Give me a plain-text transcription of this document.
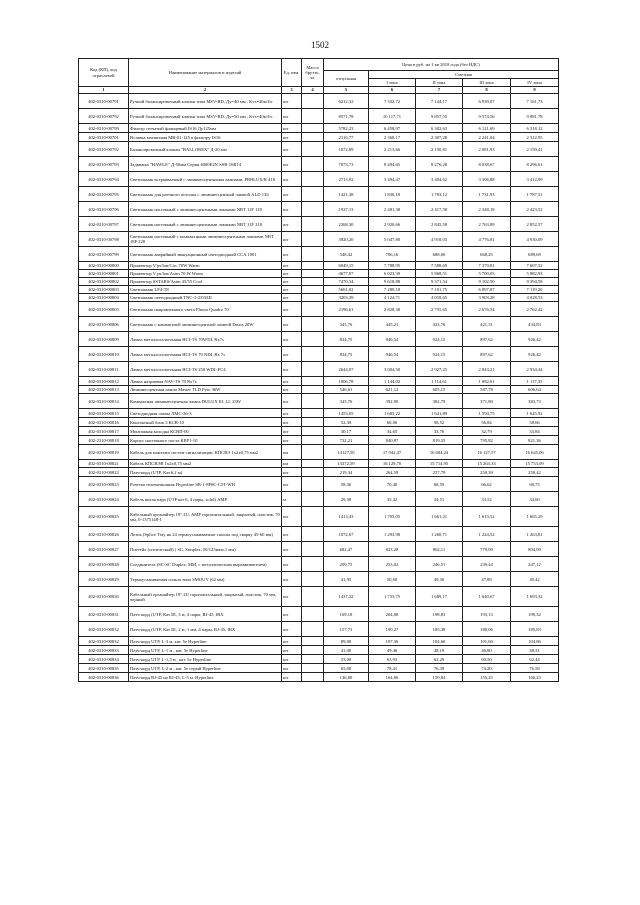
1502
Код (КП), код отраслевой	Наименование материалов и изделий	Ед. изм.	Масса брутто, кг	Цена в руб. на 1 кв 2018 года (без НДС)				
				отпускная	Сметная			
					I зона	II зона	III зона	IV зона
1	2	3	4	5	6	7	8	9
402-0310-00791	Ручной балансировочный клапан типа MSV-BD, Ду=40 мм , Kvs=26м3/ч	шт		6212,32	7 332,72	7 144,17	6 939,07	7 161,73
402-0310-00792	Ручной балансировочный клапан типа MSV-BD, Ду=50 мм , Kvs=40м3/ч	шт		8571,78	10 117,71	9 857,55	9 574,56	9 881,78
402-0310-00799	Фильтр сетчатый фланцевый IS16 Ду125мм	шт		5782,23	6 458,97	6 302,63	6 121,69	6 318,12
402-0310-00701	Вставка магнитная МВ-01-125 к фильтру IS16	шт		2116,77	2 368,17	2 307,28	2 241,04	2 312,95
402-0310-00792	Балансировочный клапан "BALLOREX" Д-20 мм	шт		1672,89	2 213,66	2 150,81	2 081,93	2 159,41
402-0310-00793	Задвижка "HAWLE" Д-50мм Серия 4000E2N SSR-16R14	шт		7073,73	8 494,65	8 276,28	8 038,67	8 296,61
402-0310-00794	Светильник встраиваемый с люминесцентными лампами, PRBLUX/R 418	шт		2713,92	3 494,47	3 404,62	3 306,88	3 412,99
402-0310-00795	Светильник для реечного потолка с люминесцентной лампой ALD 136	шт		1421,38	1 830,18	1 783,12	1 731,93	1 787,51
402-0310-00796	Светильник настенный с люминесцентными лампами NBT 11F 118	шт		1927,13	2 481,38	2 417,58	2 348,18	2 423,52
402-0310-00797	Светильник настенный с люминесцентными лампами NBT 11F 218	шт		2268,30	2 920,66	2 845,58	2 763,89	2 852,57
402-0310-00798	Светильник настенный с компактными люминесцентными лампами NBT 18F 220	шт		3920,20	5 047,80	4 918,03	4 776,81	4 930,09
402-0310-00799	Светильник аварийный эвакуационный светодиодный CCA 1001	шт		548,42	706,16	688,00	668,25	689,69
402-0310-00800	Прожектор V'ps/lon/Circ 70W Warm	шт		6049,15	7 788,95	7 588,69	7 370,81	7 607,32
402-0310-00801	Прожектор V ps/lon/Asim 70 W Warm	шт		4677,97	6 023,39	5 868,51	5 700,03	5 882,93
402-0310-00802	Прожектор SSTARS/Asim 45/55 Cool	шт		7470,34	9 618,88	9 371,54	9 102,50	9 394,58
402-0310-00803	Светильник LF4-T8	шт		5661,02	7 289,18	7 101,75	6 897,87	7 119,20
402-0310-00804	Светильник светодиодный TNC-1-2/03/Ш	шт		3203,39	4 124,71	4 018,65	3 903,28	4 028,53
402-0310-00805	Светильник направленного света Fluora Quadro 70	шт		2196,61	2 828,38	2 755,65	2 676,54	2 762,42
402-0310-00806	Светильник с компактной люминесцентной лампой Druos 20W	шт		345,76	445,21	433,76	421,31	434,83
402-0310-00809	Лампа металлогалогенная HCI-TS 70WDL Rx7s	шт		834,75	946,54	924,15	897,62	926,42
402-0310-00810	Лампа металлогалогенная HCI-TS 70 NDL Rx 7s	шт		834,75	946,54	924,15	897,62	926,42
402-0310-00811	Лампа металлогалогенная HCI-TS 250 WDL FC4	шт		2644,07	3 004,50	2 927,25	2 843,21	2 934,44
402-0310-00812	Лампа натриевая NAV-TS 70 Rx7s	шт		1006,78	1 144,02	1 114,61	1 082,61	1 117,35
402-0310-00813	Люминесцентная лампа Master TLD Pyio 36W	шт		546,61	621,12	605,15	587,78	606,64
402-0310-00814	Компактная люминесцентная лампа DULUX EL LL 23W	шт		345,76	392,90	382,79	371,80	383,73
402-0310-00815	Светодиодная лампа ЛМС-36-3	шт		1453,05	1 685,22	1 641,89	1 594,75	1 645,92
402-0310-00816	Контактный блок 3 КСВ-10	шт		52,30	60,06	58,52	56,84	58,66
402-0310-00817	Монтажная колодка КСВП-00	шт		30,17	34,65	33,76	32,79	33,84
402-2310-00818	Корпус настенного поста КЕР1-10	шт		732,21	840,97	819,35	795,82	821,36
402-0310-00819	Кабель для монтажа систем сигнализации, КПСВЭ 1х2х0,75 мм2	км		14127,50	17 042,47	16 604,24	16 127,57	16 645,06
402-0310-00821	Кабель КПСВЭВ 1х2х0,75 мм2	км		13372,59	16 129,70	15 714,95	15 263,33	15 753,09
402-0310-00822	Патч-корд (UTP, Кат.6,2 м)	шт		219,34	264,59	257,79	250,39	258,42
402-0310-00823	Розетка телевизионная Hyperline SB-1-8P8C-C5T-WH	шт		58,36	70,40	68,59	66,62	68,75
402-0310-00824	Кабель витая пара (UTP кат 6, 4 пары, solid) AMP	м		29,38	35,42	34,51	33,52	34,60
402-0310-00825	Кабельный органайзер 19" 2U, AMP горизонтальный, закрытый, пластик, 70 мм, 0-1375148-1	шт		1413,43	1 705,05	1 661,21	1 613,52	1 665,29
402-0310-00826	Лоток (Splice Tray на 24 термоусаживаемые гильзы под сварку 45-60 мм)	шт		1072,67	1 293,98	1 260,71	1 224,52	1 263,81
402-0310-00827	Пигтейл (оптический) ( SC, Simplex, 50/125мкм,1 мм)	шт		682,47	823,28	802,11	779,09	804,09
402-0310-00828	Соединитель (SC-SC Duplex, MM, с металлическим выравнивателем)	шт		209,75	253,02	246,51	239,44	247,12
402-0310-00829	Термоусаживаемая гильза типа SMOUV (62 мм)	шт		41,95	50,60	49,30	47,89	49,42
402-0310-00830	Кабельный органайзер 19" 2U горизонтальный, закрытый, пластик, 70 мм, черный	шт		1437,22	1 733,75	1 689,17	1 640,67	1 693,32
402-0310-00831	Патч-корд (UTP, Кат.5E, 3 м, 4 пары, RJ-45, IBX	шт		169,18	204,08	198,83	193,13	199,32
402-0310-00832	Патч-корд (UTP, Кат.5E, 2 м, 1 мм, 4 пары, RJ-45, IBX	шт		157,73	190,27	185,38	180,06	185,83
402-0310-00832	Патч-корд UTP, L-3 м, кат. 5е Hyperline	шт		89,00	107,36	104,60	101,60	104,86
402-0310-00833	Патч-корд UTP, L-1 м , кат. 5е Hyperline	шт		41,00	49,46	48,19	46,80	48,31
402-0310-00834	Патч-корд UTP, L-1,5 м , кат. 5е Hyperline	шт		53,00	63,93	62,29	60,50	62,44
402-0310-00835	Патч-корд UTP, L-2 м , кат. 5е серый Hyperline	шт		65,00	78,41	76,39	74,20	76,58
402-0310-00836	Патч-корд RJ-45 на RJ-45, L-5 м. Hyperline	шт		136,00	164,06	159,84	155,25	160,23
